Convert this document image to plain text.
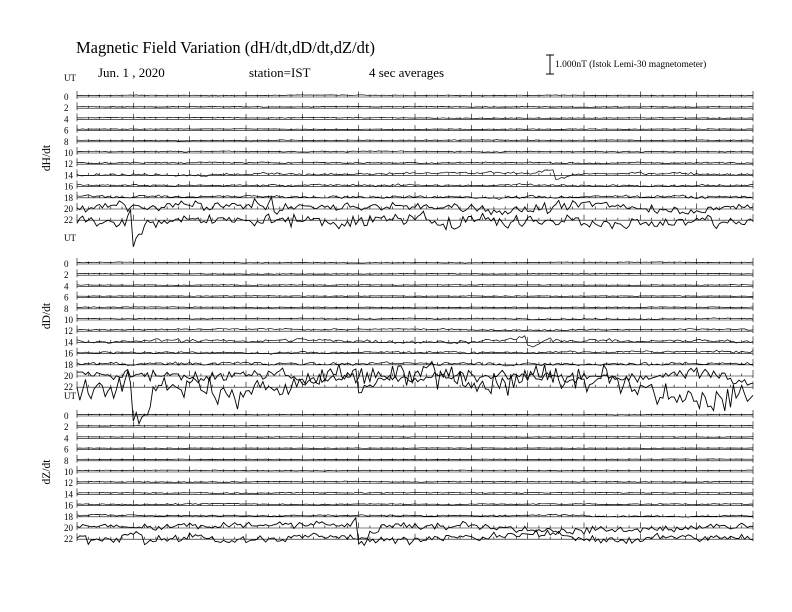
Magnetic Field Variation (dH/dt,dD/dt,dZ/dt)
Jun. 1 , 2020	station=IST	4 sec averages	1.000nT (Istok Lemi-30 magnetometer)
UT
dH/dt
0
2
4
6
8
10
12
14
16
18
20
22
UT
dD/dt
0
2
4
6
8
10
12
14
16
18
20
22
UT
dZ/dt
0
2
4
6
8
10
12
14
16
18
20
22
